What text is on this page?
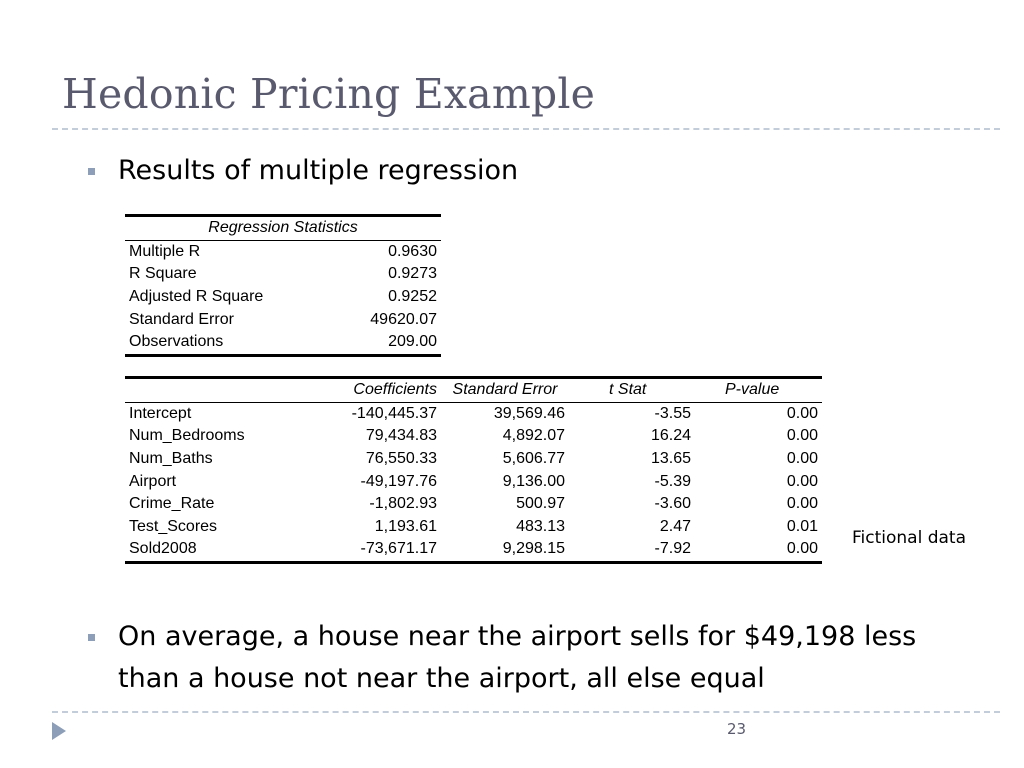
Hedonic Pricing Example
Results of multiple regression
Regression Statistics	
Multiple R	0.9630
R Square	0.9273
Adjusted R Square	0.9252
Standard Error	49620.07
Observations	209.00
	Coefficients	Standard Error	t Stat	P-value
Intercept	-140,445.37	39,569.46	-3.55	0.00
Num_Bedrooms	79,434.83	4,892.07	16.24	0.00
Num_Baths	76,550.33	5,606.77	13.65	0.00
Airport	-49,197.76	9,136.00	-5.39	0.00
Crime_Rate	-1,802.93	500.97	-3.60	0.00
Test_Scores	1,193.61	483.13	2.47	0.01
Sold2008	-73,671.17	9,298.15	-7.92	0.00
Fictional data
On average, a house near the airport sells for $49,198 less than a house not near the airport, all else equal
23
